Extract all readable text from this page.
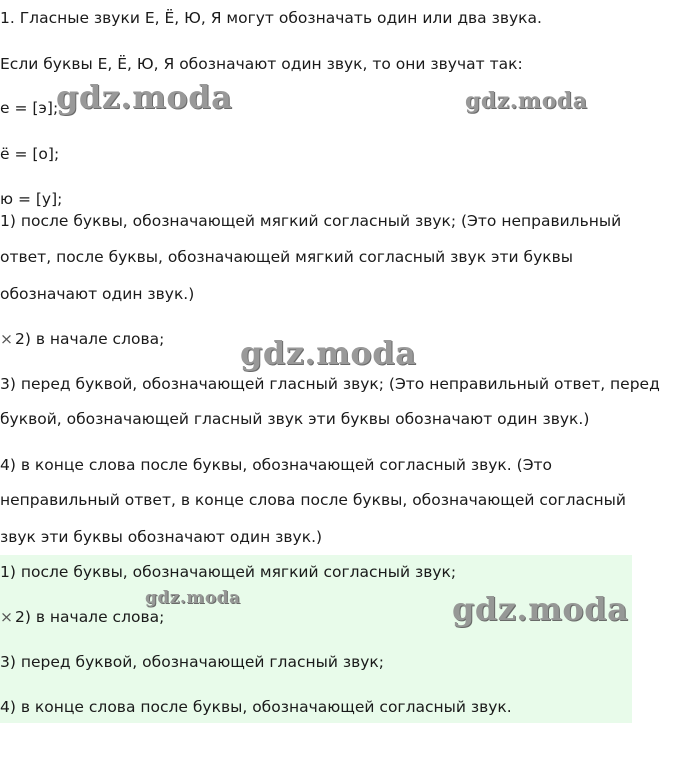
1. Гласные звуки Е, Ё, Ю, Я могут обозначать один или два звука.
Если буквы Е, Ё, Ю, Я обозначают один звук, то они звучат так:
е = [э];
ё = [о];
ю = [у];
1) после буквы, обозначающей мягкий согласный звук; (Это неправильный
ответ, после буквы, обозначающей мягкий согласный звук эти буквы
обозначают один звук.)
× 2) в начале слова;
3) перед буквой, обозначающей гласный звук; (Это неправильный ответ, перед
буквой, обозначающей гласный звук эти буквы обозначают один звук.)
4) в конце слова после буквы, обозначающей согласный звук. (Это
неправильный ответ, в конце слова после буквы, обозначающей согласный
звук эти буквы обозначают один звук.)
1) после буквы, обозначающей мягкий согласный звук;
× 2) в начале слова;
3) перед буквой, обозначающей гласный звук;
4) в конце слова после буквы, обозначающей согласный звук.
gdz.moda	gdz.moda
gdz.moda
gdz.moda	gdz.moda
